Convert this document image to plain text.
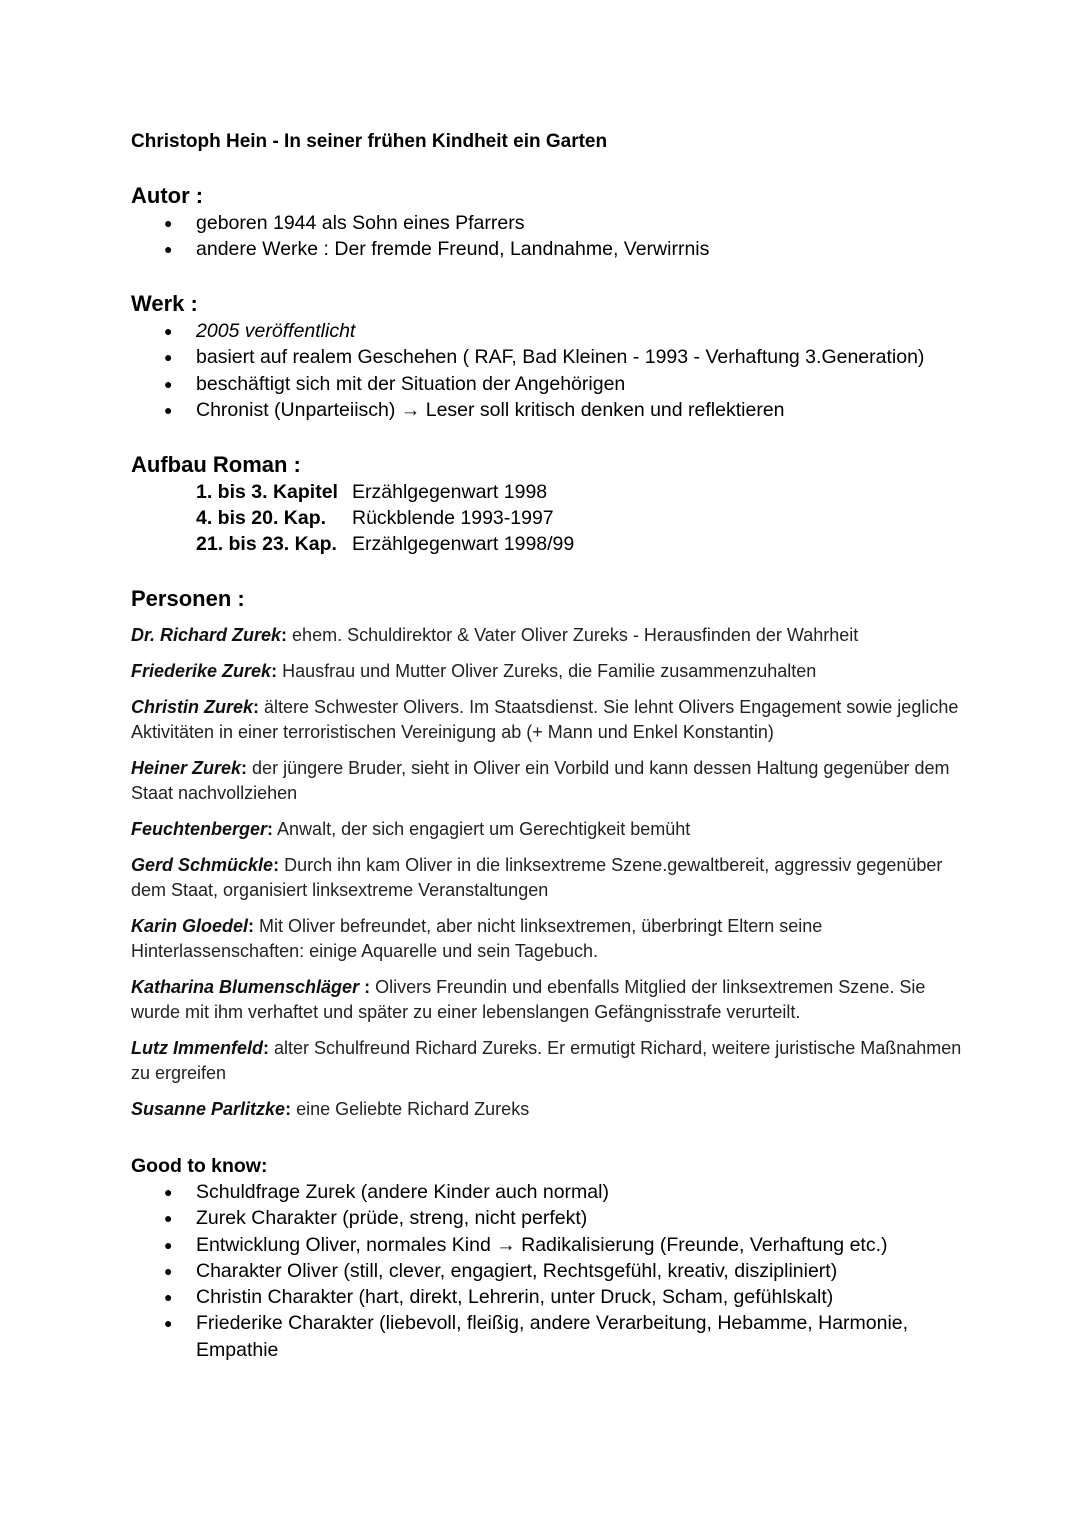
Christoph Hein - In seiner frühen Kindheit ein Garten
Autor :
● geboren 1944 als Sohn eines Pfarrers
● andere Werke : Der fremde Freund, Landnahme, Verwirrnis
Werk :
● 2005 veröffentlicht
● basiert auf realem Geschehen ( RAF, Bad Kleinen - 1993 - Verhaftung 3.Generation)
● beschäftigt sich mit der Situation der Angehörigen
● Chronist (Unparteiisch) → Leser soll kritisch denken und reflektieren
Aufbau Roman :
1. bis 3. Kapitel Erzählgegenwart 1998
4. bis 20. Kap. Rückblende 1993-1997
21. bis 23. Kap. Erzählgegenwart 1998/99
Personen :
Dr. Richard Zurek: ehem. Schuldirektor & Vater Oliver Zureks - Herausfinden der Wahrheit
Friederike Zurek: Hausfrau und Mutter Oliver Zureks, die Familie zusammenzuhalten
Christin Zurek: ältere Schwester Olivers. Im Staatsdienst. Sie lehnt Olivers Engagement sowie jegliche Aktivitäten in einer terroristischen Vereinigung ab (+ Mann und Enkel Konstantin)
Heiner Zurek: der jüngere Bruder, sieht in Oliver ein Vorbild und kann dessen Haltung gegenüber dem Staat nachvollziehen
Feuchtenberger: Anwalt, der sich engagiert um Gerechtigkeit bemüht
Gerd Schmückle: Durch ihn kam Oliver in die linksextreme Szene.gewaltbereit, aggressiv gegenüber dem Staat, organisiert linksextreme Veranstaltungen
Karin Gloedel: Mit Oliver befreundet, aber nicht linksextremen, überbringt Eltern seine Hinterlassenschaften: einige Aquarelle und sein Tagebuch.
Katharina Blumenschläger : Olivers Freundin und ebenfalls Mitglied der linksextremen Szene. Sie wurde mit ihm verhaftet und später zu einer lebenslangen Gefängnisstrafe verurteilt.
Lutz Immenfeld: alter Schulfreund Richard Zureks. Er ermutigt Richard, weitere juristische Maßnahmen zu ergreifen
Susanne Parlitzke: eine Geliebte Richard Zureks
Good to know:
● Schuldfrage Zurek (andere Kinder auch normal)
● Zurek Charakter (prüde, streng, nicht perfekt)
● Entwicklung Oliver, normales Kind → Radikalisierung (Freunde, Verhaftung etc.)
● Charakter Oliver (still, clever, engagiert, Rechtsgefühl, kreativ, diszipliniert)
● Christin Charakter (hart, direkt, Lehrerin, unter Druck, Scham, gefühlskalt)
● Friederike Charakter (liebevoll, fleißig, andere Verarbeitung, Hebamme, Harmonie, Empathie
